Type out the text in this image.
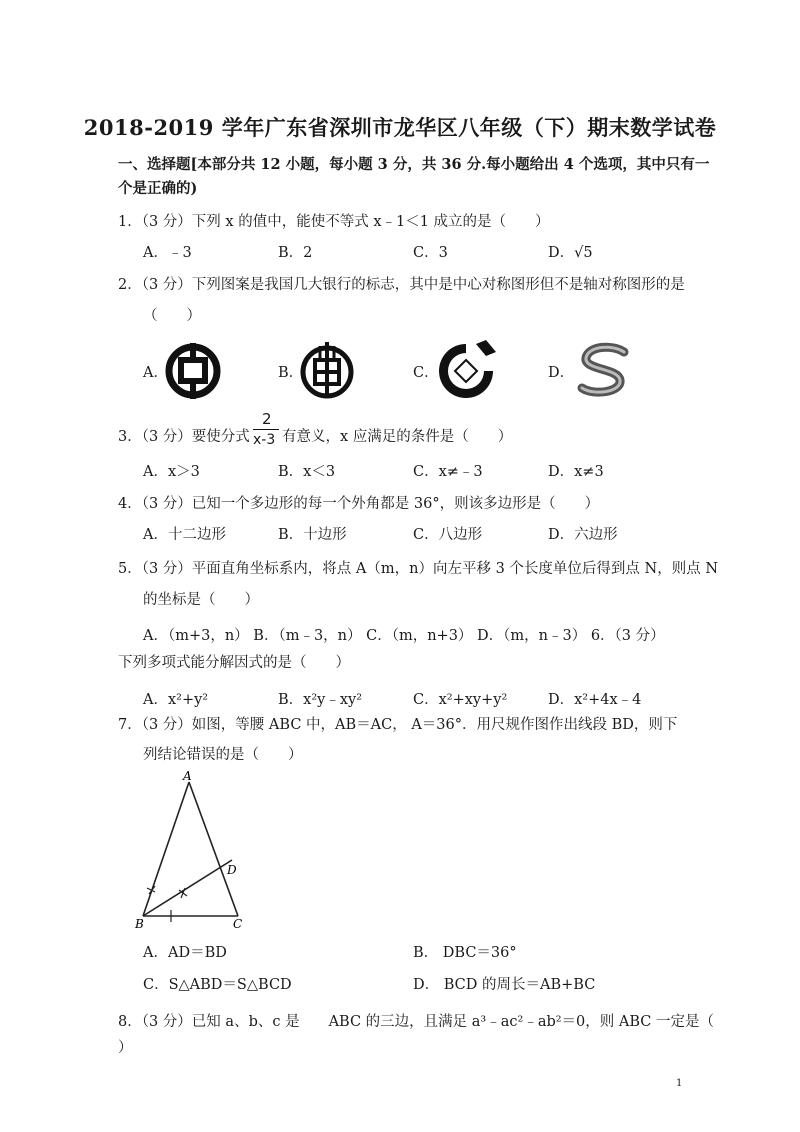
2018-2019 学年广东省深圳市龙华区八年级（下）期末数学试卷
一、选择题[本部分共 12 小题，每小题 3 分，共 36 分.每小题给出 4 个选项，其中只有一
个是正确的)
1．（3 分）下列 x 的值中，能使不等式 x﹣1＜1 成立的是（　　）
A．﹣3	B．2	C．3	D．√5
2．（3 分）下列图案是我国几大银行的标志，其中是中心对称图形但不是轴对称图形的是
（　　）
A．	B．	C．	D．
3．（3 分）要使分式
2
x-3 有意义，x 应满足的条件是（　　）
A．x＞3	B．x＜3	C．x≠﹣3	D．x≠3
4．（3 分）已知一个多边形的每一个外角都是 36°，则该多边形是（　　）
A．十二边形	B．十边形	C．八边形	D．六边形
5．（3 分）平面直角坐标系内，将点 A（m，n）向左平移 3 个长度单位后得到点 N，则点 N
的坐标是（　　）
A．（m+3，n） B．（m﹣3，n） C．（m，n+3） D．（m，n﹣3） 6．（3 分）
下列多项式能分解因式的是（　　）
A．x²+y²	B．x²y﹣xy²	C．x²+xy+y²	D．x²+4x﹣4
7．（3 分）如图，等腰 ABC 中，AB＝AC， A＝36°．用尺规作图作出线段 BD，则下
列结论错误的是（　　）
A
B	C
D
A．AD＝BD	B． DBC＝36°
C．S△ABD＝S△BCD	D． BCD 的周长＝AB+BC
8．（3 分）已知 a、b、c 是　　ABC 的三边，且满足 a³﹣ac²﹣ab²＝0，则 ABC 一定是（
）
1
